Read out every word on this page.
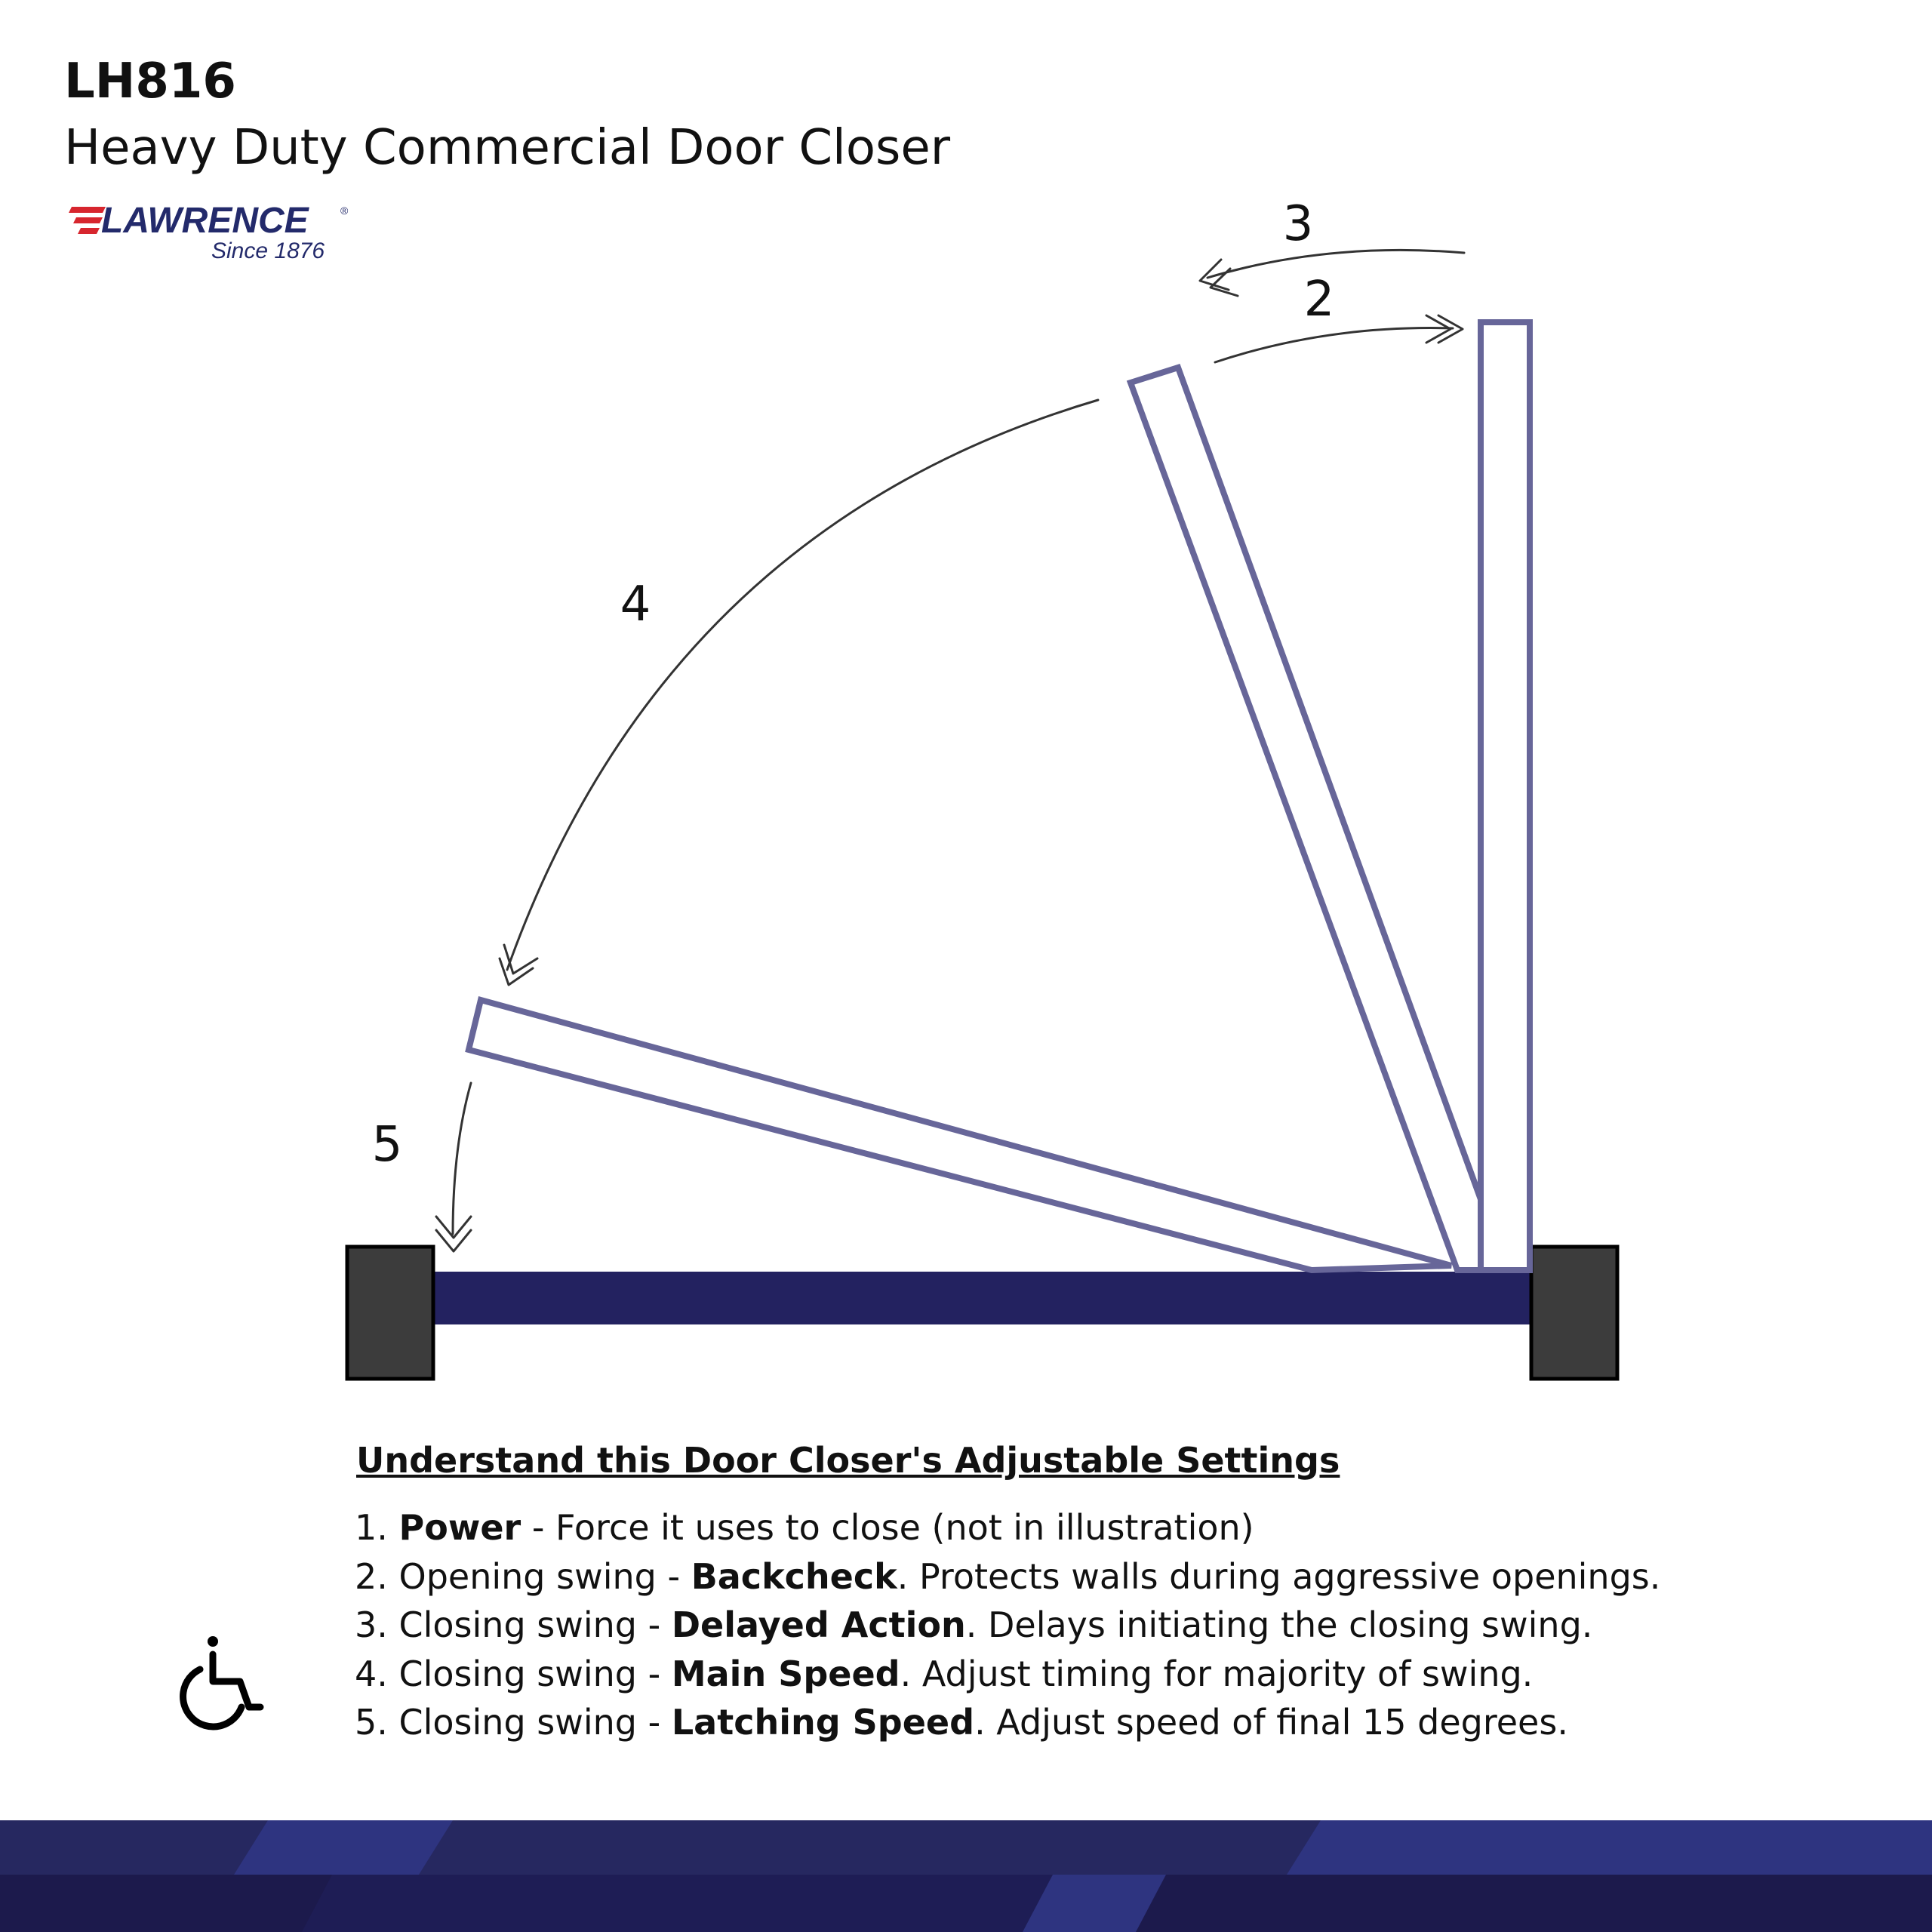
LAWRENCE	®
Since 1876	3
2
4
5
LH816
Heavy Duty Commercial Door Closer
Understand this Door Closer's Adjustable Settings
1. Power - Force it uses to close (not in illustration)
2. Opening swing - Backcheck. Protects walls during aggressive openings.
3. Closing swing - Delayed Action. Delays initiating the closing swing.
4. Closing swing - Main Speed. Adjust timing for majority of swing.
5. Closing swing - Latching Speed. Adjust speed of final 15 degrees.
